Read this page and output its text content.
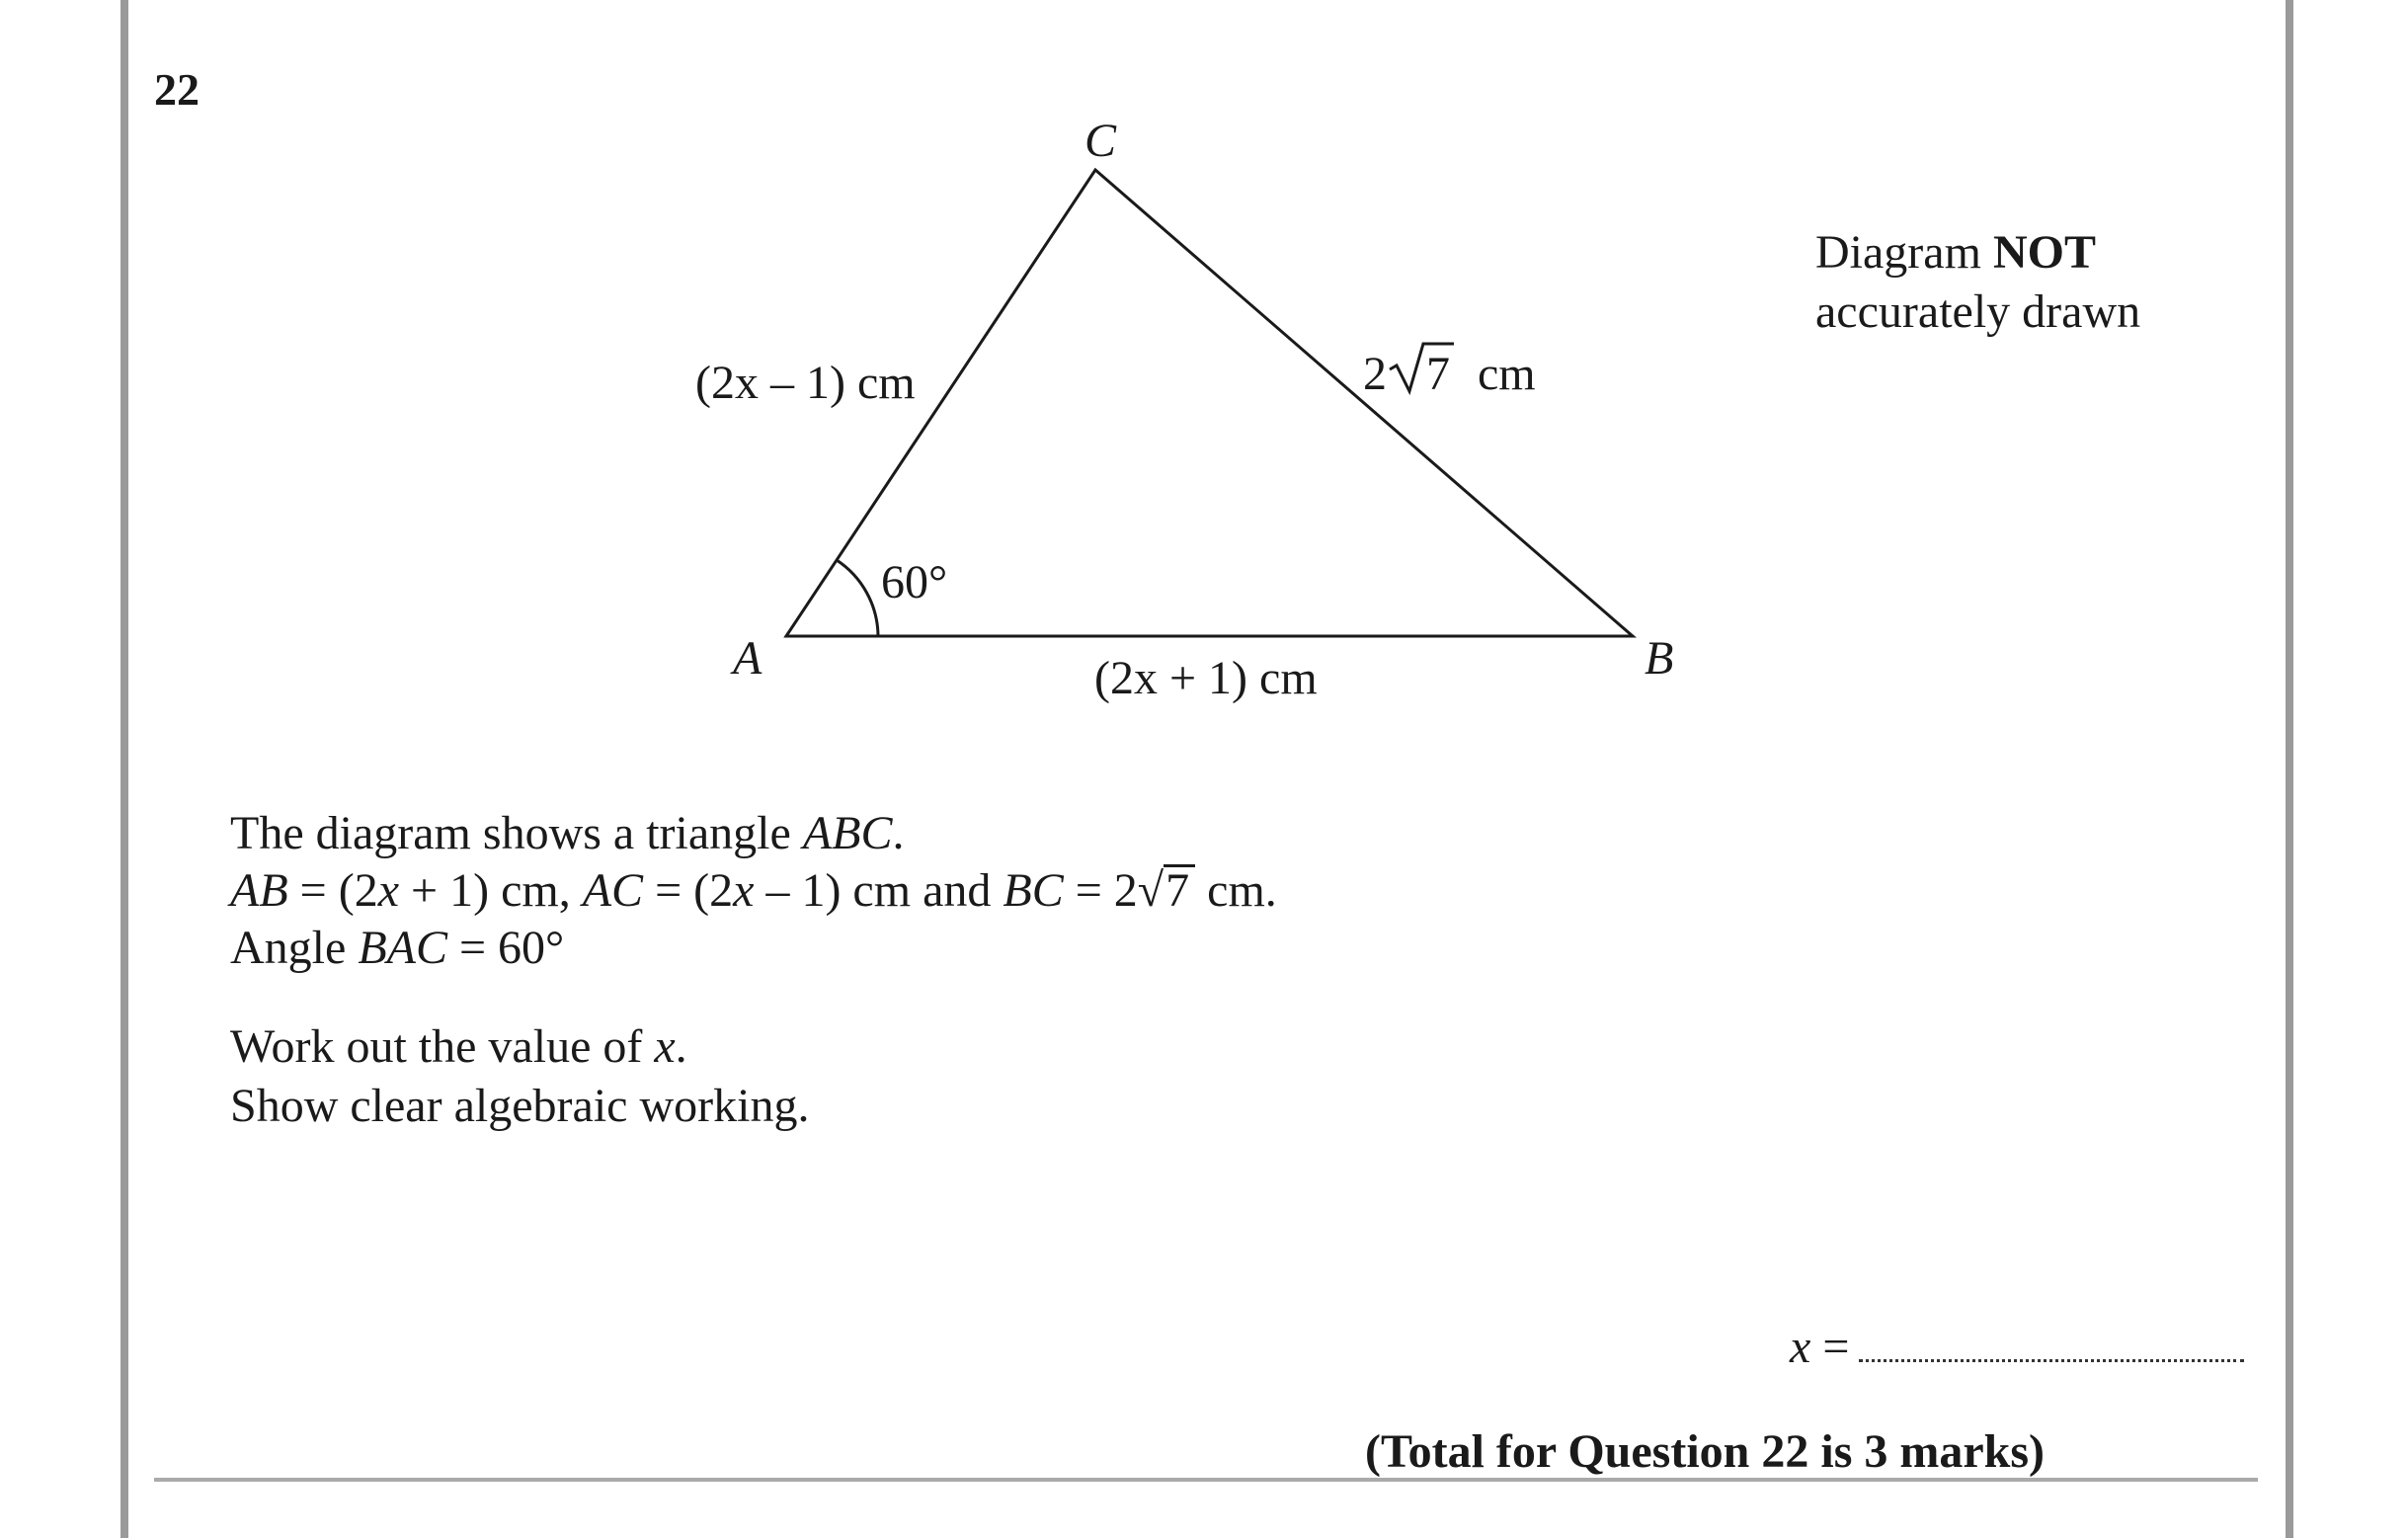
22
C
A	B
60°
(2x – 1) cm
(2x + 1) cm
2 7 cm
Diagram NOT
accurately drawn
The diagram shows a triangle ABC.
AB = (2x + 1) cm, AC = (2x – 1) cm and BC = 2√7 cm.
Angle BAC = 60°
Work out the value of x.
Show clear algebraic working.
x =
(Total for Question 22 is 3 marks)
